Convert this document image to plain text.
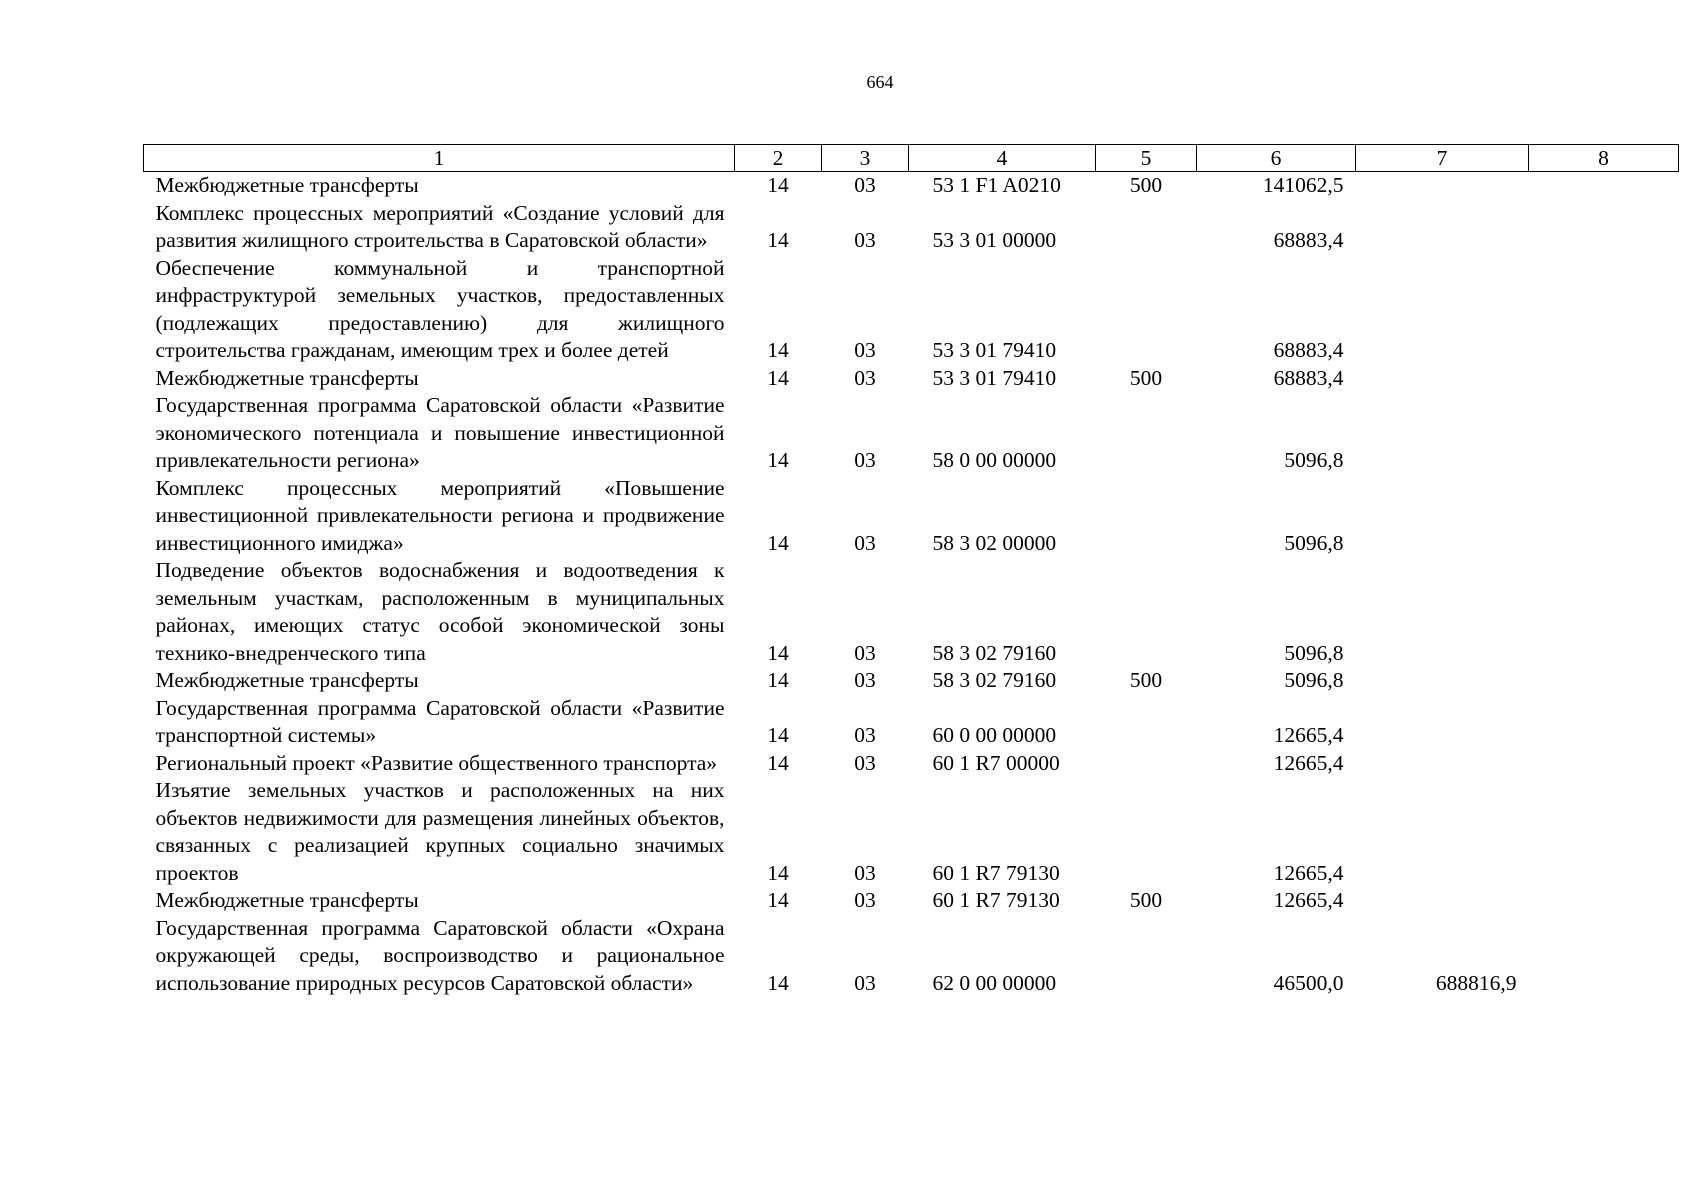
664
1	2	3	4	5	6	7	8
Межбюджетные трансферты	14	03	53 1 F1 A0210	500	141062,5		
Комплекс процессных мероприятий «Создание условий для развития жилищного строительства в Саратовской области»	14	03	53 3 01 00000		68883,4		
Обеспечение коммунальной и транспортной инфраструктурой земельных участков, предоставленных (подлежащих предоставлению) для жилищного строительства гражданам, имеющим трех и более детей	14	03	53 3 01 79410		68883,4		
Межбюджетные трансферты	14	03	53 3 01 79410	500	68883,4		
Государственная программа Саратовской области «Развитие экономического потенциала и повышение инвестиционной привлекательности региона»	14	03	58 0 00 00000		5096,8		
Комплекс процессных мероприятий «Повышение инвестиционной привлекательности региона и продвижение инвестиционного имиджа»	14	03	58 3 02 00000		5096,8		
Подведение объектов водоснабжения и водоотведения к земельным участкам, расположенным в муниципальных районах, имеющих статус особой экономической зоны технико-внедренческого типа	14	03	58 3 02 79160		5096,8		
Межбюджетные трансферты	14	03	58 3 02 79160	500	5096,8		
Государственная программа Саратовской области «Развитие транспортной системы»	14	03	60 0 00 00000		12665,4		
Региональный проект «Развитие общественного транспорта»	14	03	60 1 R7 00000		12665,4		
Изъятие земельных участков и расположенных на них объектов недвижимости для размещения линейных объектов, связанных с реализацией крупных социально значимых проектов	14	03	60 1 R7 79130		12665,4		
Межбюджетные трансферты	14	03	60 1 R7 79130	500	12665,4		
Государственная программа Саратовской области «Охрана окружающей среды, воспроизводство и рациональное использование природных ресурсов Саратовской области»	14	03	62 0 00 00000		46500,0	688816,9	
